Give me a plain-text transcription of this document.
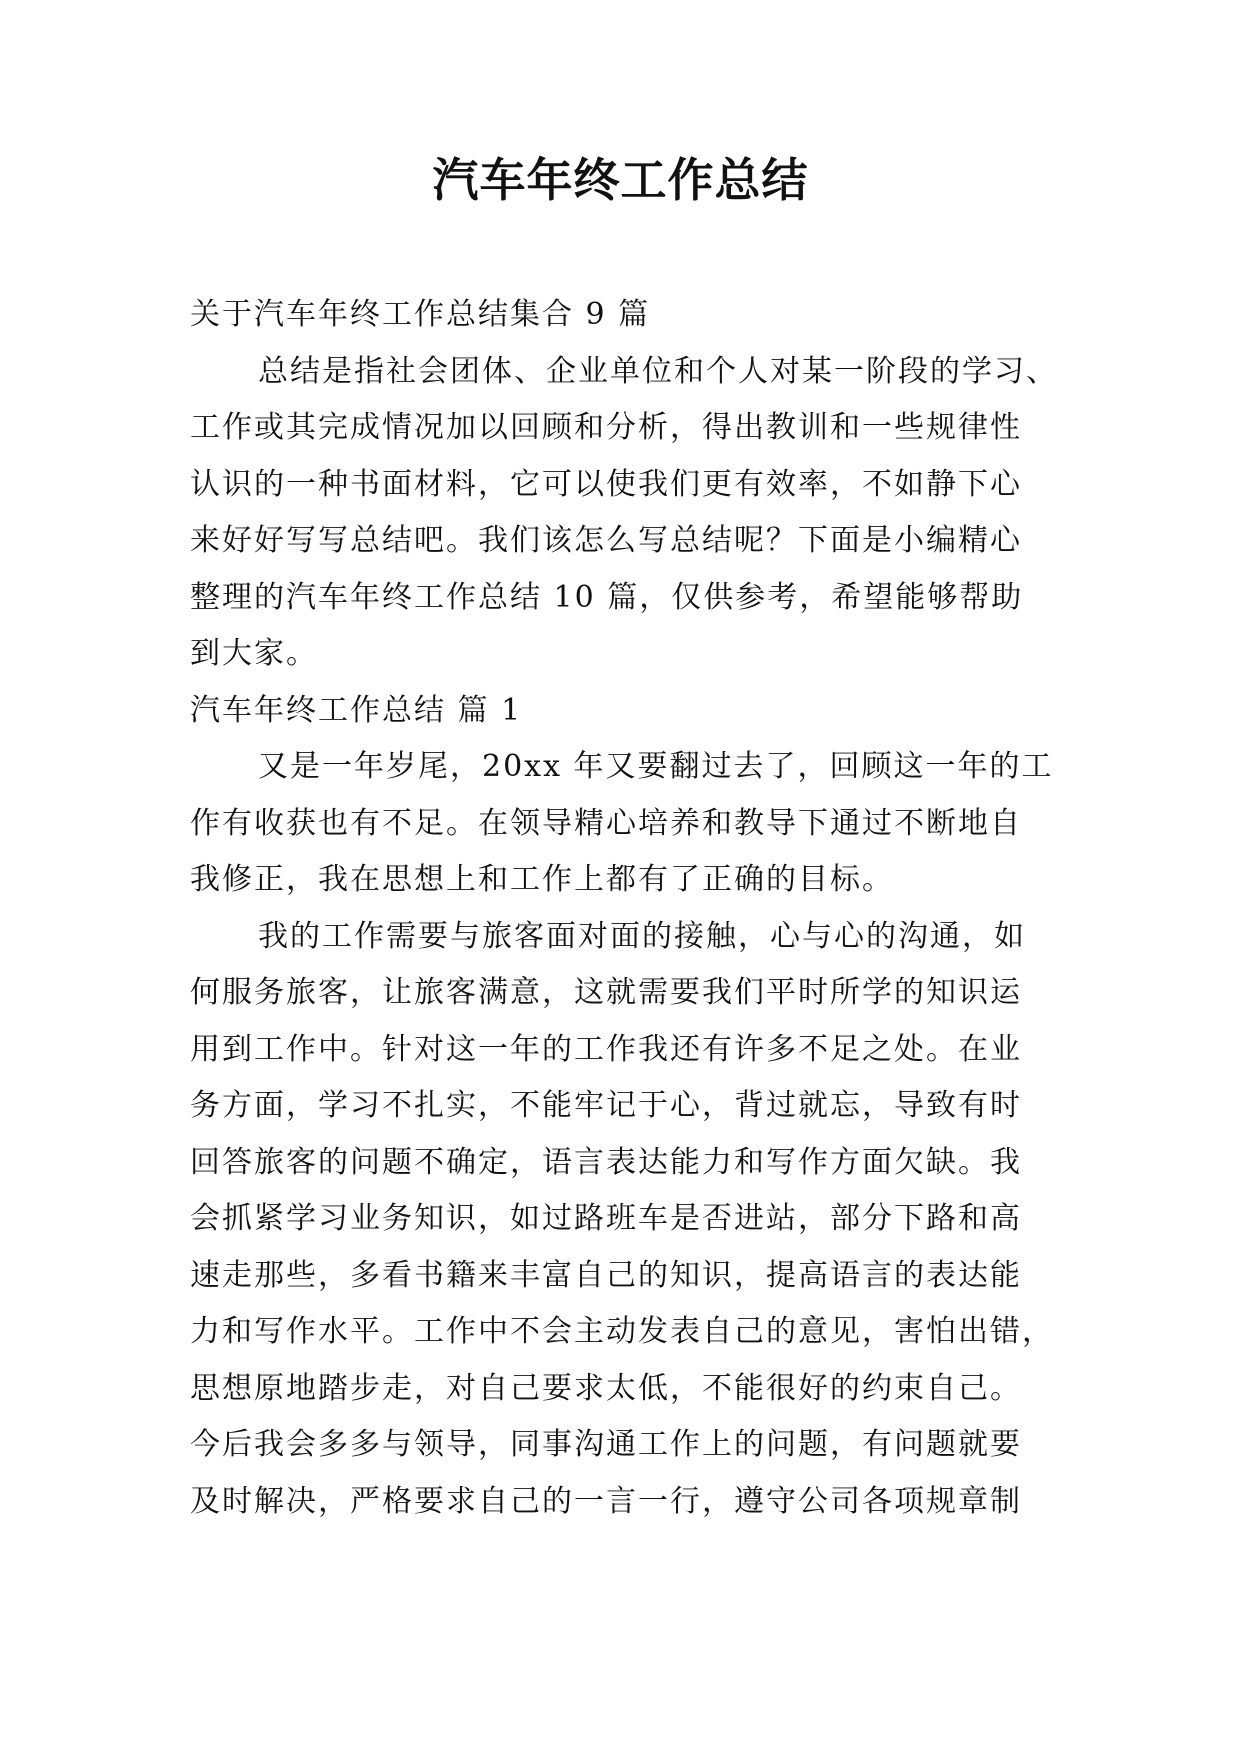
汽车年终工作总结
关于汽车年终工作总结集合 9 篇
总结是指社会团体、企业单位和个人对某一阶段的学习、
工作或其完成情况加以回顾和分析，得出教训和一些规律性
认识的一种书面材料，它可以使我们更有效率，不如静下心
来好好写写总结吧。我们该怎么写总结呢？下面是小编精心
整理的汽车年终工作总结 10 篇，仅供参考，希望能够帮助
到大家。
汽车年终工作总结 篇 1
又是一年岁尾，20xx 年又要翻过去了，回顾这一年的工
作有收获也有不足。在领导精心培养和教导下通过不断地自
我修正，我在思想上和工作上都有了正确的目标。
我的工作需要与旅客面对面的接触，心与心的沟通，如
何服务旅客，让旅客满意，这就需要我们平时所学的知识运
用到工作中。针对这一年的工作我还有许多不足之处。在业
务方面，学习不扎实，不能牢记于心，背过就忘，导致有时
回答旅客的问题不确定，语言表达能力和写作方面欠缺。我
会抓紧学习业务知识，如过路班车是否进站，部分下路和高
速走那些，多看书籍来丰富自己的知识，提高语言的表达能
力和写作水平。工作中不会主动发表自己的意见，害怕出错，
思想原地踏步走，对自己要求太低，不能很好的约束自己。
今后我会多多与领导，同事沟通工作上的问题，有问题就要
及时解决，严格要求自己的一言一行，遵守公司各项规章制
